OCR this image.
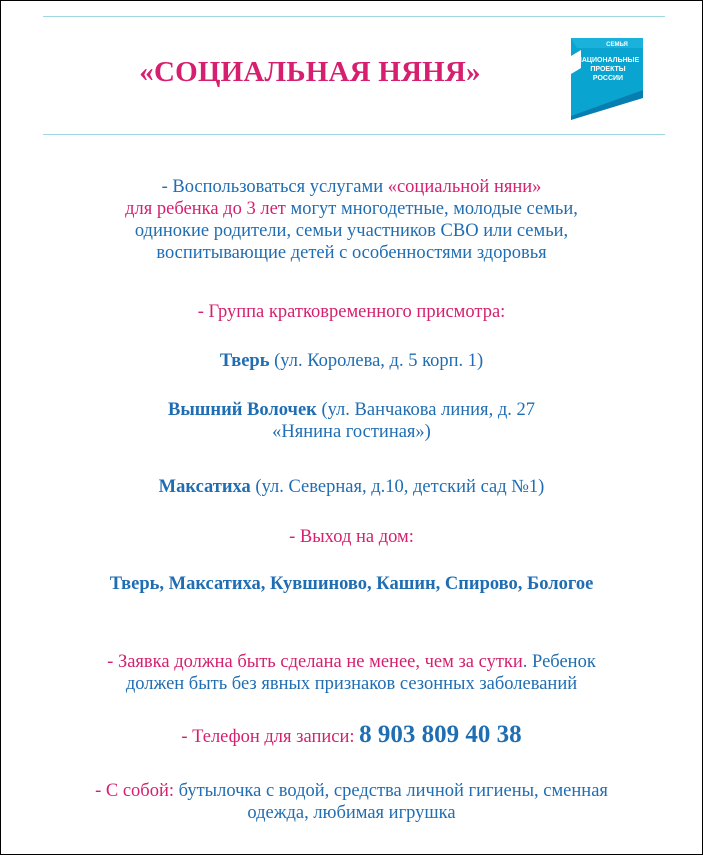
«СОЦИАЛЬНАЯ НЯНЯ»
СЕМЬЯ
НАЦИОНАЛЬНЫЕ
ПРОЕКТЫ
РОССИИ

- Воспользоваться услугами «социальной няни»

для ребенка до 3 лет могут многодетные, молодые семьи,

одинокие родители, семьи участников СВО или семьи,

воспитывающие детей с особенностями здоровья

- Группа кратковременного присмотра:

Тверь (ул. Королева, д. 5 корп. 1)

Вышний Волочек (ул. Ванчакова линия, д. 27

«Нянина гостиная»)

Максатиха (ул. Северная, д.10, детский сад №1)

- Выход на дом:

Тверь, Максатиха, Кувшиново, Кашин, Спирово, Бологое

- Заявка должна быть сделана не менее, чем за сутки. Ребенок

должен быть без явных признаков сезонных заболеваний

- Телефон для записи: 8 903 809 40 38

- С собой: бутылочка с водой, средства личной гигиены, сменная

одежда, любимая игрушка
